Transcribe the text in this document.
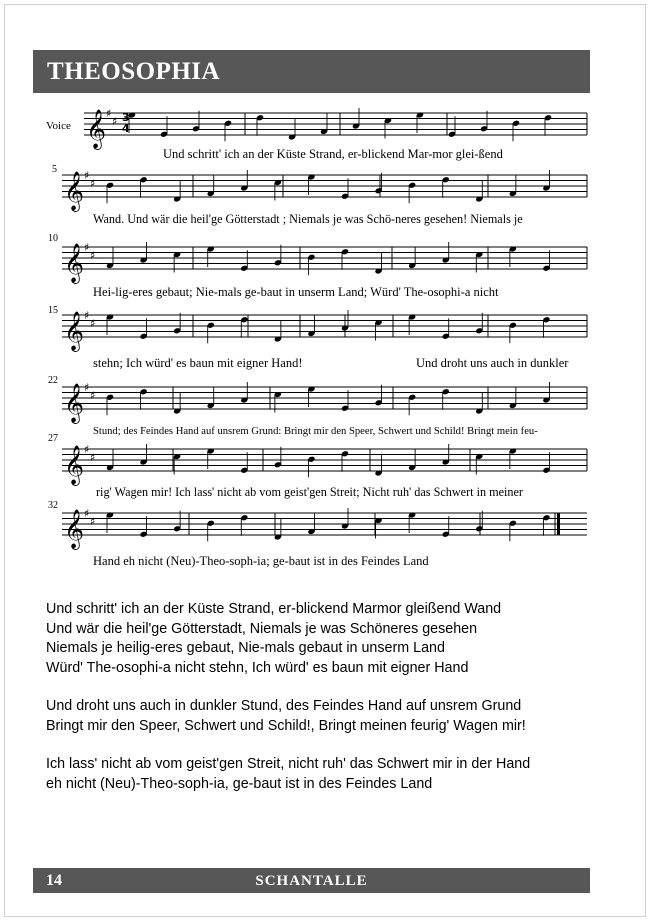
THEOSOPHIA
Voice 𝄞 ♯
♯
𝄞 ♯
♯
𝄞 ♯
♯
𝄞 ♯
♯
𝄞 ♯
♯
𝄞 ♯
♯
𝄞 ♯
♯
3
4
5
10
15
22
27
32
Und schritt' ich an der Küste Strand, er-blickend Mar-mor glei-ßend
Wand. Und wär die heil'ge Götterstadt ; Niemals je was Schö-neres gesehen! Niemals je
Hei-lig-eres gebaut; Nie-mals ge-baut in unserm Land; Würd' The-osophi-a nicht
stehn; Ich würd' es baun mit eigner Hand!	Und droht uns auch in dunkler
Stund; des Feindes Hand auf unsrem Grund: Bringt mir den Speer, Schwert und Schild! Bringt mein feu-
rig' Wagen mir! Ich lass' nicht ab vom geist'gen Streit; Nicht ruh' das Schwert in meiner
Hand eh nicht (Neu)-Theo-soph-ia; ge-baut ist in des Feindes Land
Und schritt' ich an der Küste Strand, er-blickend Marmor gleißend Wand
Und wär die heil'ge Götterstadt, Niemals je was Schöneres gesehen
Niemals je heilig-eres gebaut, Nie-mals gebaut in unserm Land
Würd' The-osophi-a nicht stehn, Ich würd' es baun mit eigner Hand
Und droht uns auch in dunkler Stund, des Feindes Hand auf unsrem Grund
Bringt mir den Speer, Schwert und Schild!, Bringt meinen feurig' Wagen mir!
Ich lass' nicht ab vom geist'gen Streit, nicht ruh' das Schwert mir in der Hand
eh nicht (Neu)-Theo-soph-ia, ge-baut ist in des Feindes Land
14	SCHANTALLE
